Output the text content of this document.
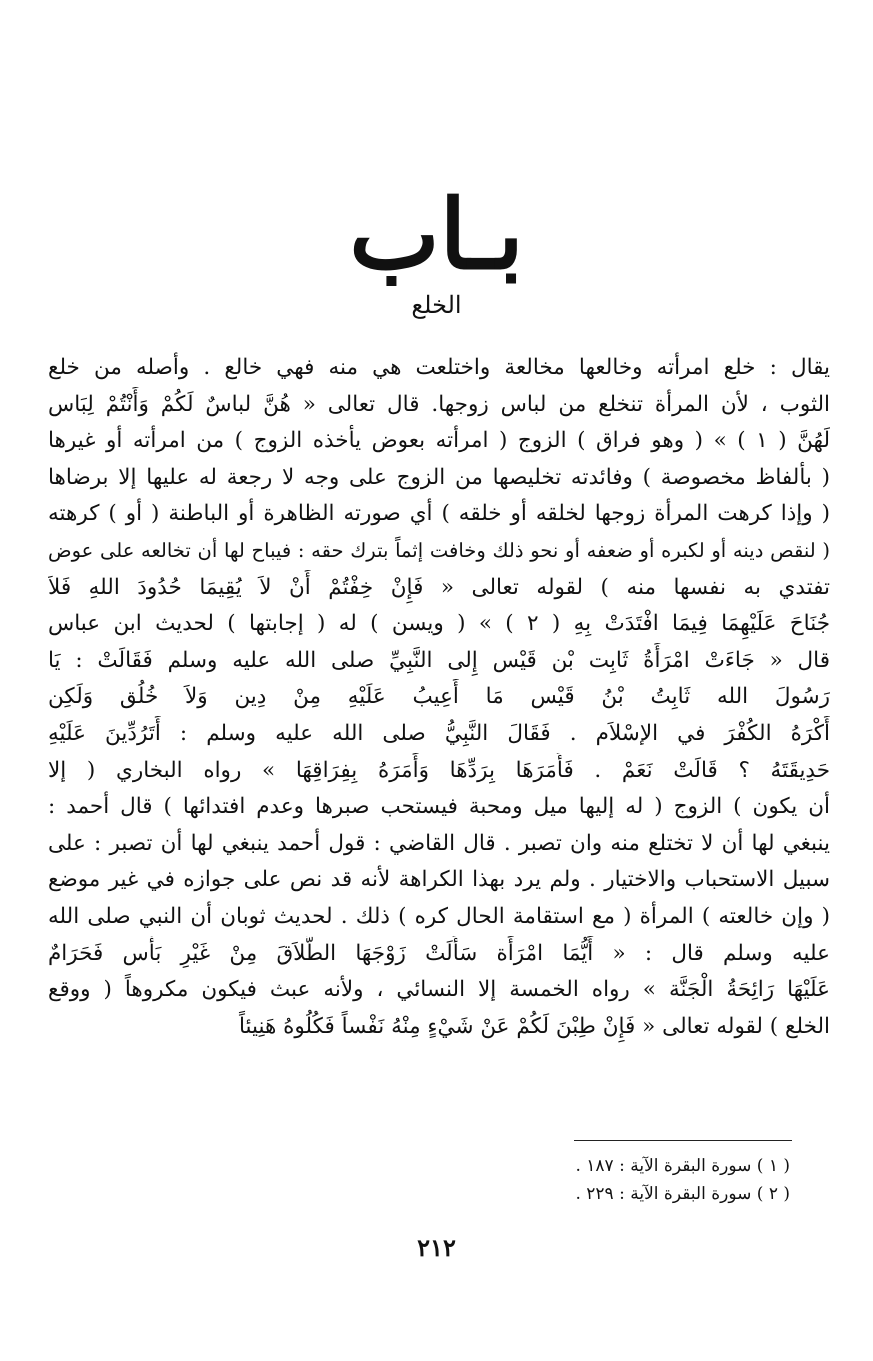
بـاب
الخلع
يقال : خلع امرأته وخالعها مخالعة واختلعت هي منه فهي خالع . وأصله من خلع
الثوب ، لأن المرأة تنخلع من لباس زوجها. قال تعالى « هُنَّ لباسٌ لَكُمْ وَأَنْتُمْ لِبَاس
لَهُنَّ ( ١ ) » ( وهو فراق ) الزوج ( امرأته بعوض يأخذه الزوج ) من امرأته أو غيرها
( بألفاظ مخصوصة ) وفائدته تخليصها من الزوج على وجه لا رجعة له عليها إلا برضاها
( وإذا كرهت المرأة زوجها لخلقه أو خلقه ) أي صورته الظاهرة أو الباطنة ( أو ) كرهته
( لنقص دينه أو لكبره أو ضعفه أو نحو ذلك وخافت إثماً بترك حقه : فيباح لها أن تخالعه على عوض
تفتدي به نفسها منه ) لقوله تعالى « فَإِنْ خِفْتُمْ أَنْ لاَ يُقِيمَا حُدُودَ اللهِ فَلاَ
جُنَاحَ عَلَيْهِمَا فِيمَا افْتَدَتْ بِهِ ( ٢ ) » ( ويسن ) له ( إجابتها ) لحديث ابن عباس
قال « جَاءَتْ امْرَأَةُ ثَابِت بْن قَيْس إِلى النَّبِيِّ صلى الله عليه وسلم فَقَالَتْ : يَا
رَسُولَ الله ثَابِتُ بْنُ قَيْس مَا أَعِيبُ عَلَيْهِ مِنْ دِين وَلاَ خُلُق وَلَكِن
أَكْرَهُ الكُفْرَ في الإسْلاَم . فَقَالَ النَّبِيُّ صلى الله عليه وسلم : أَتَرُدِّينَ عَلَيْهِ
حَدِيقَتَهُ ؟ قَالَتْ نَعَمْ . فَأَمَرَهَا بِرَدِّهَا وَأَمَرَهُ بِفِرَاقِهَا » رواه البخاري ( إلا
أن يكون ) الزوج ( له إليها ميل ومحبة فيستحب صبرها وعدم افتدائها ) قال أحمد :
ينبغي لها أن لا تختلع منه وان تصبر . قال القاضي : قول أحمد ينبغي لها أن تصبر : على
سبيل الاستحباب والاختيار . ولم يرد بهذا الكراهة لأنه قد نص على جوازه في غير موضع
( وإن خالعته ) المرأة ( مع استقامة الحال كره ) ذلك . لحديث ثوبان أن النبي صلى الله
عليه وسلم قال : « أَيُّمَا امْرَأَة سَأَلَتْ زَوْجَهَا الطَّلاَقَ مِنْ غَيْرِ بَأْس فَحَرَامٌ
عَلَيْهَا رَائِحَةُ الْجَنَّة » رواه الخمسة إلا النسائي ، ولأنه عبث فيكون مكروهاً ( ووقع
الخلع ) لقوله تعالى « فَإِنْ طِبْنَ لَكُمْ عَنْ شَيْءٍ مِنْهُ نَفْساً فَكُلُوهُ هَنِيئاً
( ١ ) سورة البقرة الآية : ١٨٧ .
( ٢ ) سورة البقرة الآية : ٢٢٩ .
٢١٢
